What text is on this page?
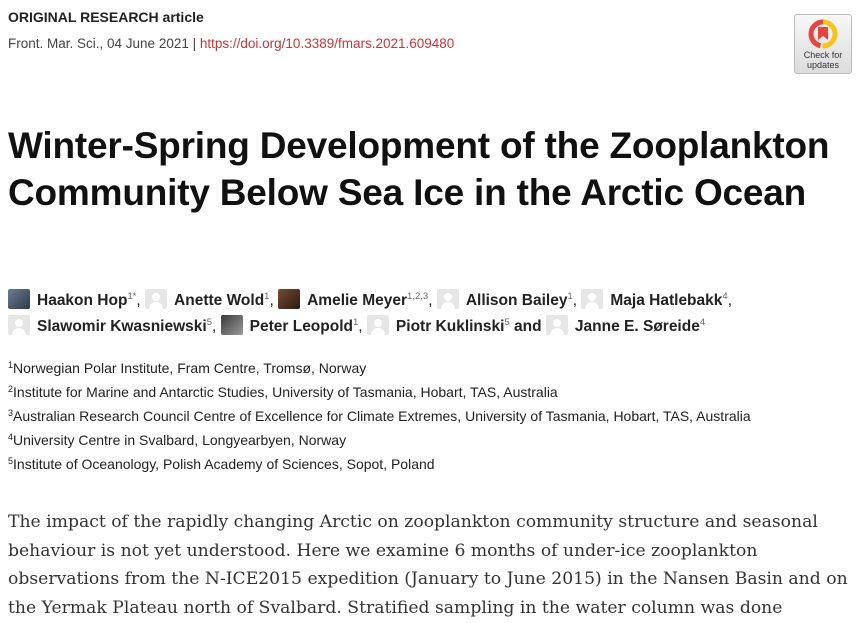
ORIGINAL RESEARCH article
Front. Mar. Sci., 04 June 2021 | https://doi.org/10.3389/fmars.2021.609480
Check for
updates
Winter-Spring Development of the Zooplankton Community Below Sea Ice in the Arctic Ocean
Haakon Hop$^{1*}$,
Anette Wold$^1$, Amelie Meyer$^{1,2,3}$,
Allison Bailey$^1$,
Maja Hatlebakk$^4$,

Slawomir Kwasniewski$^5$, Peter Leopold$^1$,
Piotr Kuklinski$^5$ and
Janne E. Søreide$^4$
$^1$Norwegian Polar Institute, Fram Centre, Tromsø, Norway
$^2$Institute for Marine and Antarctic Studies, University of Tasmania, Hobart, TAS, Australia
$^3$Australian Research Council Centre of Excellence for Climate Extremes, University of Tasmania, Hobart, TAS, Australia
$^4$University Centre in Svalbard, Longyearbyen, Norway
$^5$Institute of Oceanology, Polish Academy of Sciences, Sopot, Poland

The impact of the rapidly changing Arctic on zooplankton community structure and seasonal behaviour is not yet understood. Here we examine 6 months of under-ice zooplankton observations from the N-ICE2015 expedition (January to June 2015) in the Nansen Basin and on the Yermak Plateau north of Svalbard. Stratified sampling in the water column was done
